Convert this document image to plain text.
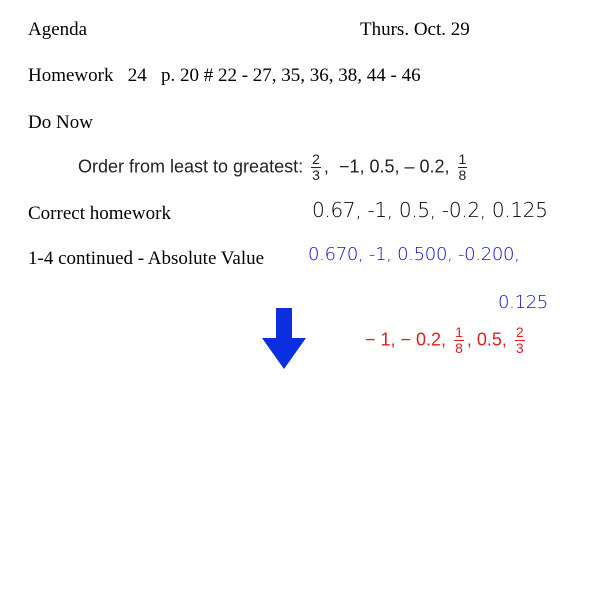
Agenda	Thurs. Oct. 29
Homework 24 p. 20 # 22 - 27, 35, 36, 38, 44 - 46
Do Now
Order from least to greatest: $\frac{2}{3}$ , −1, 0.5, – 0.2, $\frac{1}{8}$
Correct homework
1-4 continued - Absolute Value
0.67, -1, 0.5, -0.2, 0.125
0.670, -1, 0.500, -0.200,
0.125
− 1, − 0.2, $\frac{1}{8}$ , 0.5, $\frac{2}{3}$
